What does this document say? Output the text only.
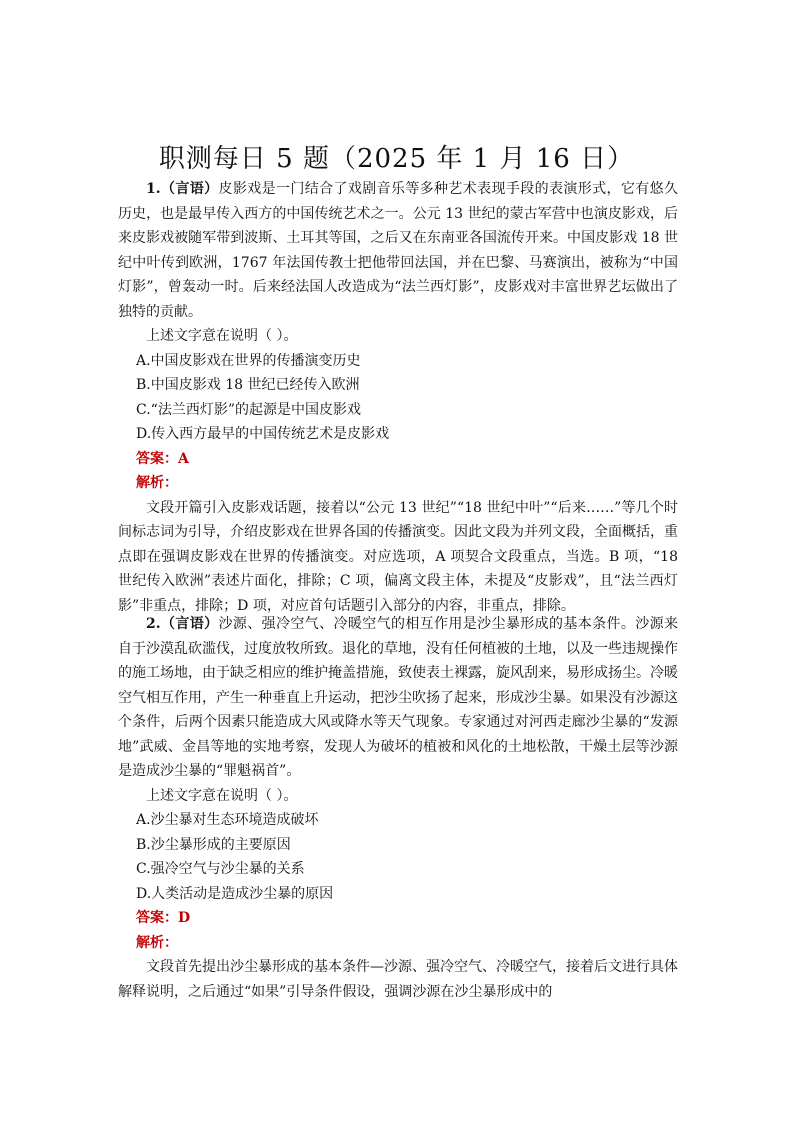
职测每日 5 题（2025 年 1 月 16 日）

1.（言语）皮影戏是一门结合了戏剧音乐等多种艺术表现手段的表演形式，它有悠久历史，也是最早传入西方的中国传统艺术之一。公元 13 世纪的蒙古军营中也演皮影戏，后来皮影戏被随军带到波斯、土耳其等国，之后又在东南亚各国流传开来。中国皮影戏 18 世纪中叶传到欧洲，1767 年法国传教士把他带回法国，并在巴黎、马赛演出，被称为“中国灯影”，曾轰动一时。后来经法国人改造成为“法兰西灯影”，皮影戏对丰富世界艺坛做出了独特的贡献。

上述文字意在说明（ ）。

A.中国皮影戏在世界的传播演变历史

B.中国皮影戏 18 世纪已经传入欧洲

C.“法兰西灯影”的起源是中国皮影戏

D.传入西方最早的中国传统艺术是皮影戏

答案：A

解析：

文段开篇引入皮影戏话题，接着以“公元 13 世纪”“18 世纪中叶”“后来……”等几个时间标志词为引导，介绍皮影戏在世界各国的传播演变。因此文段为并列文段，全面概括，重点即在强调皮影戏在世界的传播演变。对应选项，A 项契合文段重点，当选。B 项，“18 世纪传入欧洲”表述片面化，排除；C 项，偏离文段主体，未提及“皮影戏”，且“法兰西灯影”非重点，排除；D 项，对应首句话题引入部分的内容，非重点，排除。

2.（言语）沙源、强冷空气、冷暖空气的相互作用是沙尘暴形成的基本条件。沙源来自于沙漠乱砍滥伐，过度放牧所致。退化的草地，没有任何植被的土地，以及一些违规操作的施工场地，由于缺乏相应的维护掩盖措施，致使表土裸露，旋风刮来，易形成扬尘。冷暖空气相互作用，产生一种垂直上升运动，把沙尘吹扬了起来，形成沙尘暴。如果没有沙源这个条件，后两个因素只能造成大风或降水等天气现象。专家通过对河西走廊沙尘暴的“发源地”武威、金昌等地的实地考察，发现人为破坏的植被和风化的土地松散，干燥土层等沙源是造成沙尘暴的“罪魁祸首”。

上述文字意在说明（ ）。

A.沙尘暴对生态环境造成破坏

B.沙尘暴形成的主要原因

C.强冷空气与沙尘暴的关系

D.人类活动是造成沙尘暴的原因

答案：D

解析：

文段首先提出沙尘暴形成的基本条件—沙源、强冷空气、冷暖空气，接着后文进行具体解释说明，之后通过“如果”引导条件假设，强调沙源在沙尘暴形成中的
